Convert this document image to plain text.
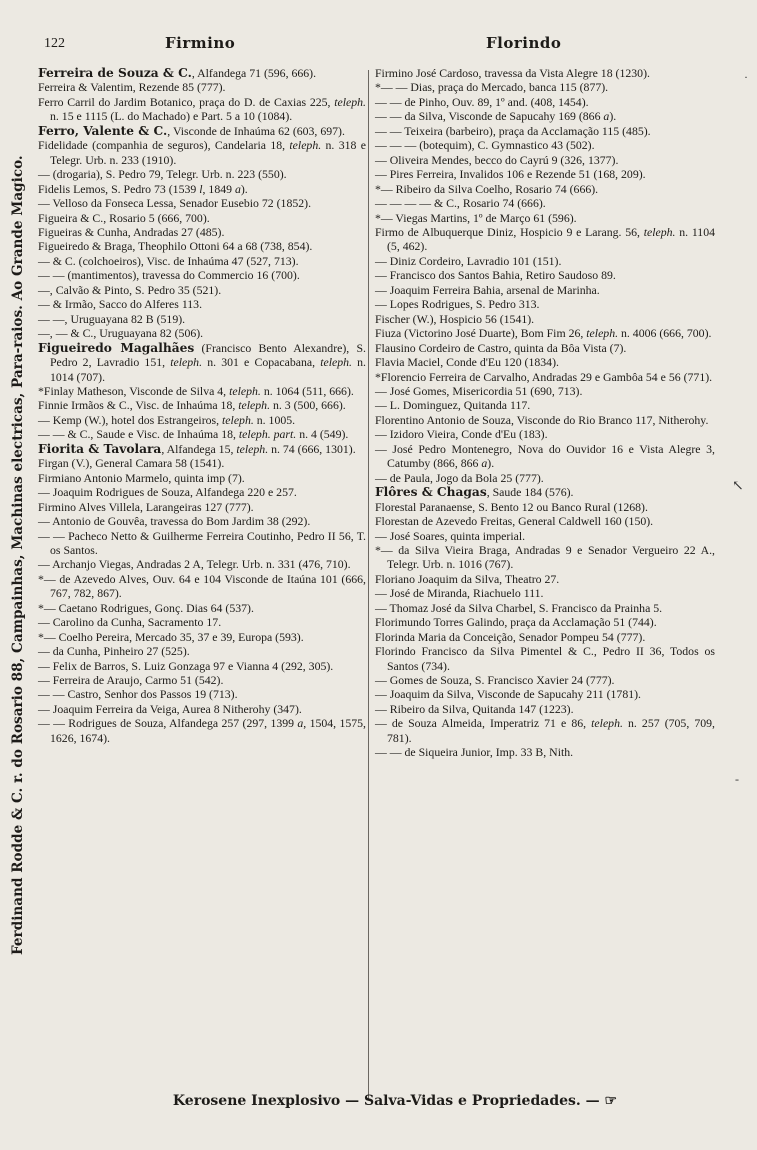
Ferdinand Rodde & C. r. do Rosario 88, Campainhas, Machinas electricas, Para-raios. Ao Grande Magico.
122	Firmino	Florindo
Ferreira de Souza & C., Alfandega 71 (596, 666).
Ferreira & Valentim, Rezende 85 (777).
Ferro Carril do Jardim Botanico, praça do D. de Caxias 225, teleph. n. 15 e 1115 (L. do Machado) e Part. 5 a 10 (1084).
Ferro, Valente & C., Visconde de Inhaúma 62 (603, 697).
Fidelidade (companhia de seguros), Candelaria 18, teleph. n. 318 e Telegr. Urb. n. 233 (1910).
— (drogaria), S. Pedro 79, Telegr. Urb. n. 223 (550).
Fidelis Lemos, S. Pedro 73 (1539 l, 1849 a).
— Velloso da Fonseca Lessa, Senador Eusebio 72 (1852).
Figueira & C., Rosario 5 (666, 700).
Figueiras & Cunha, Andradas 27 (485).
Figueiredo & Braga, Theophilo Ottoni 64 a 68 (738, 854).
— & C. (colchoeiros), Visc. de Inhaúma 47 (527, 713).
— — (mantimentos), travessa do Commercio 16 (700).
—, Calvão & Pinto, S. Pedro 35 (521).
— & Irmão, Sacco do Alferes 113.
— —, Uruguayana 82 B (519).
—, — & C., Uruguayana 82 (506).
Figueiredo Magalhães (Francisco Bento Alexandre), S. Pedro 2, Lavradio 151, teleph. n. 301 e Copacabana, teleph. n. 1014 (707).
*Finlay Matheson, Visconde de Silva 4, teleph. n. 1064 (511, 666).
Finnie Irmãos & C., Visc. de Inhaúma 18, teleph. n. 3 (500, 666).
— Kemp (W.), hotel dos Estrangeiros, teleph. n. 1005.
— — & C., Saude e Visc. de Inhaúma 18, teleph. part. n. 4 (549).
Fiorita & Tavolara, Alfandega 15, teleph. n. 74 (666, 1301).
Firgan (V.), General Camara 58 (1541).
Firmiano Antonio Marmelo, quinta imp (7).
— Joaquim Rodrigues de Souza, Alfandega 220 e 257.
Firmino Alves Villela, Larangeiras 127 (777).
— Antonio de Gouvêa, travessa do Bom Jardim 38 (292).
— — Pacheco Netto & Guilherme Ferreira Coutinho, Pedro II 56, T. os Santos.
— Archanjo Viegas, Andradas 2 A, Telegr. Urb. n. 331 (476, 710).
*— de Azevedo Alves, Ouv. 64 e 104 Visconde de Itaúna 101 (666, 767, 782, 867).
*— Caetano Rodrigues, Gonç. Dias 64 (537).
— Carolino da Cunha, Sacramento 17.
*— Coelho Pereira, Mercado 35, 37 e 39, Europa (593).
— da Cunha, Pinheiro 27 (525).
— Felix de Barros, S. Luiz Gonzaga 97 e Vianna 4 (292, 305).
— Ferreira de Araujo, Carmo 51 (542).
— — Castro, Senhor dos Passos 19 (713).
— Joaquim Ferreira da Veiga, Aurea 8 Nitherohy (347).
— — Rodrigues de Souza, Alfandega 257 (297, 1399 a, 1504, 1575, 1626, 1674).
Firmino José Cardoso, travessa da Vista Alegre 18 (1230).
*— — Dias, praça do Mercado, banca 115 (877).
— — de Pinho, Ouv. 89, 1º and. (408, 1454).
— — da Silva, Visconde de Sapucahy 169 (866 a).
— — Teixeira (barbeiro), praça da Acclamação 115 (485).
— — — (botequim), C. Gymnastico 43 (502).
— Oliveira Mendes, becco do Cayrú 9 (326, 1377).
— Pires Ferreira, Invalidos 106 e Rezende 51 (168, 209).
*— Ribeiro da Silva Coelho, Rosario 74 (666).
— — — — & C., Rosario 74 (666).
*— Viegas Martins, 1º de Março 61 (596).
Firmo de Albuquerque Diniz, Hospicio 9 e Larang. 56, teleph. n. 1104 (5, 462).
— Diniz Cordeiro, Lavradio 101 (151).
— Francisco dos Santos Bahia, Retiro Saudoso 89.
— Joaquim Ferreira Bahia, arsenal de Marinha.
— Lopes Rodrigues, S. Pedro 313.
Fischer (W.), Hospicio 56 (1541).
Fiuza (Victorino José Duarte), Bom Fim 26, teleph. n. 4006 (666, 700).
Flausino Cordeiro de Castro, quinta da Bôa Vista (7).
Flavia Maciel, Conde d'Eu 120 (1834).
*Florencio Ferreira de Carvalho, Andradas 29 e Gambôa 54 e 56 (771).
— José Gomes, Misericordia 51 (690, 713).
— L. Dominguez, Quitanda 117.
Florentino Antonio de Souza, Visconde do Rio Branco 117, Nitherohy.
— Izidoro Vieira, Conde d'Eu (183).
— José Pedro Montenegro, Nova do Ouvidor 16 e Vista Alegre 3, Catumby (866, 866 a).
— de Paula, Jogo da Bola 25 (777).
Flôres & Chagas, Saude 184 (576).
Florestal Paranaense, S. Bento 12 ou Banco Rural (1268).
Florestan de Azevedo Freitas, General Caldwell 160 (150).
— José Soares, quinta imperial.
*— da Silva Vieira Braga, Andradas 9 e Senador Vergueiro 22 A., Telegr. Urb. n. 1016 (767).
Floriano Joaquim da Silva, Theatro 27.
— José de Miranda, Riachuelo 111.
— Thomaz José da Silva Charbel, S. Francisco da Prainha 5.
Florimundo Torres Galindo, praça da Acclamação 51 (744).
Florinda Maria da Conceição, Senador Pompeu 54 (777).
Florindo Francisco da Silva Pimentel & C., Pedro II 36, Todos os Santos (734).
— Gomes de Souza, S. Francisco Xavier 24 (777).
— Joaquim da Silva, Visconde de Sapucahy 211 (1781).
— Ribeiro da Silva, Quitanda 147 (1223).
— de Souza Almeida, Imperatriz 71 e 86, teleph. n. 257 (705, 709, 781).
— — de Siqueira Junior, Imp. 33 B, Nith.
·
↖
‐
Kerosene Inexplosivo — Salva-Vidas e Propriedades. — ☞
